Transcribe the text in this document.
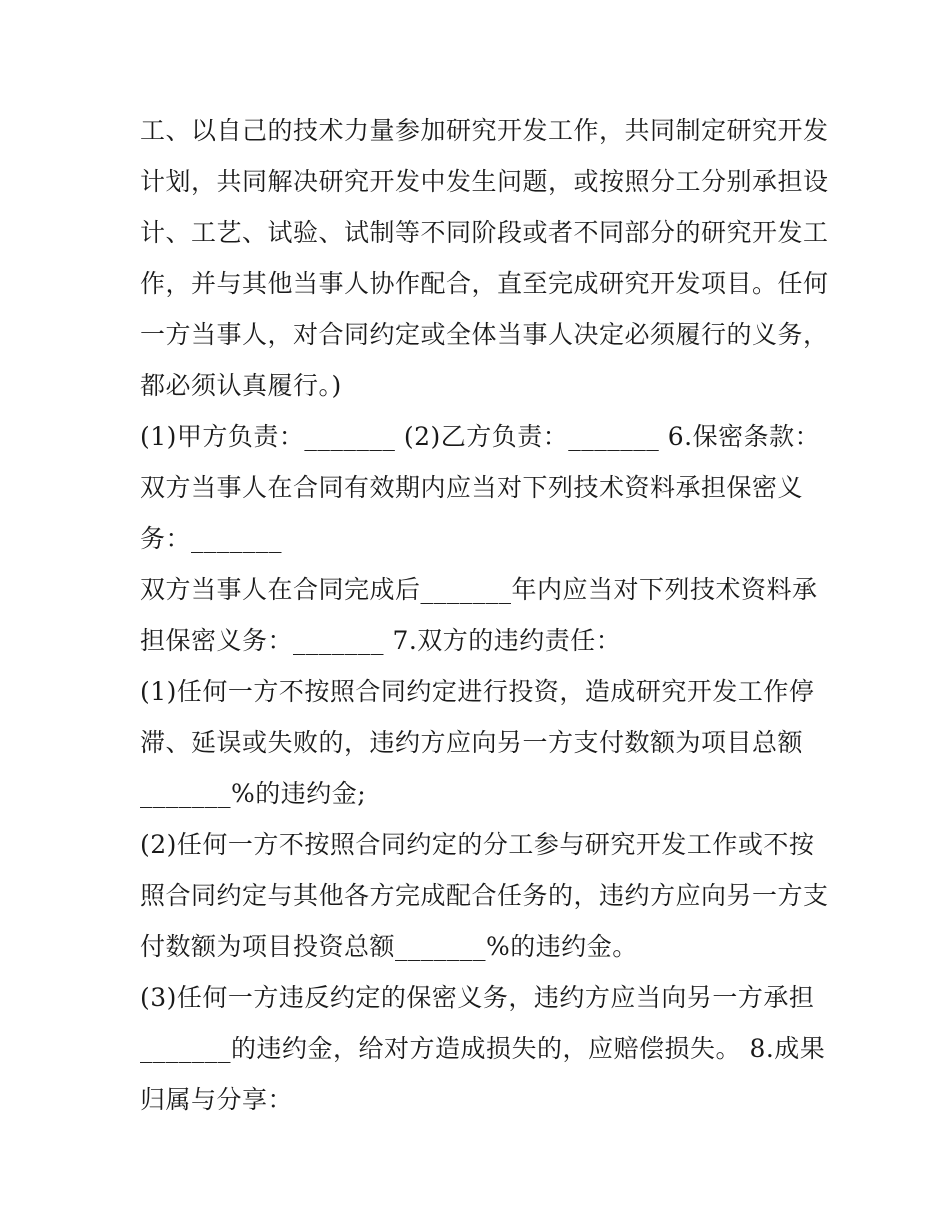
工、以自己的技术力量参加研究开发工作，共同制定研究开发
计划，共同解决研究开发中发生问题，或按照分工分别承担设
计、工艺、试验、试制等不同阶段或者不同部分的研究开发工
作，并与其他当事人协作配合，直至完成研究开发项目。任何
一方当事人，对合同约定或全体当事人决定必须履行的义务，
都必须认真履行。)
(1)甲方负责：_______ (2)乙方负责：_______ 6.保密条款：
双方当事人在合同有效期内应当对下列技术资料承担保密义
务：_______
双方当事人在合同完成后_______年内应当对下列技术资料承
担保密义务：_______ 7.双方的违约责任：
(1)任何一方不按照合同约定进行投资，造成研究开发工作停
滞、延误或失败的，违约方应向另一方支付数额为项目总额
_______%的违约金;
(2)任何一方不按照合同约定的分工参与研究开发工作或不按
照合同约定与其他各方完成配合任务的，违约方应向另一方支
付数额为项目投资总额_______%的违约金。
(3)任何一方违反约定的保密义务，违约方应当向另一方承担
_______的违约金，给对方造成损失的，应赔偿损失。 8.成果
归属与分享：
